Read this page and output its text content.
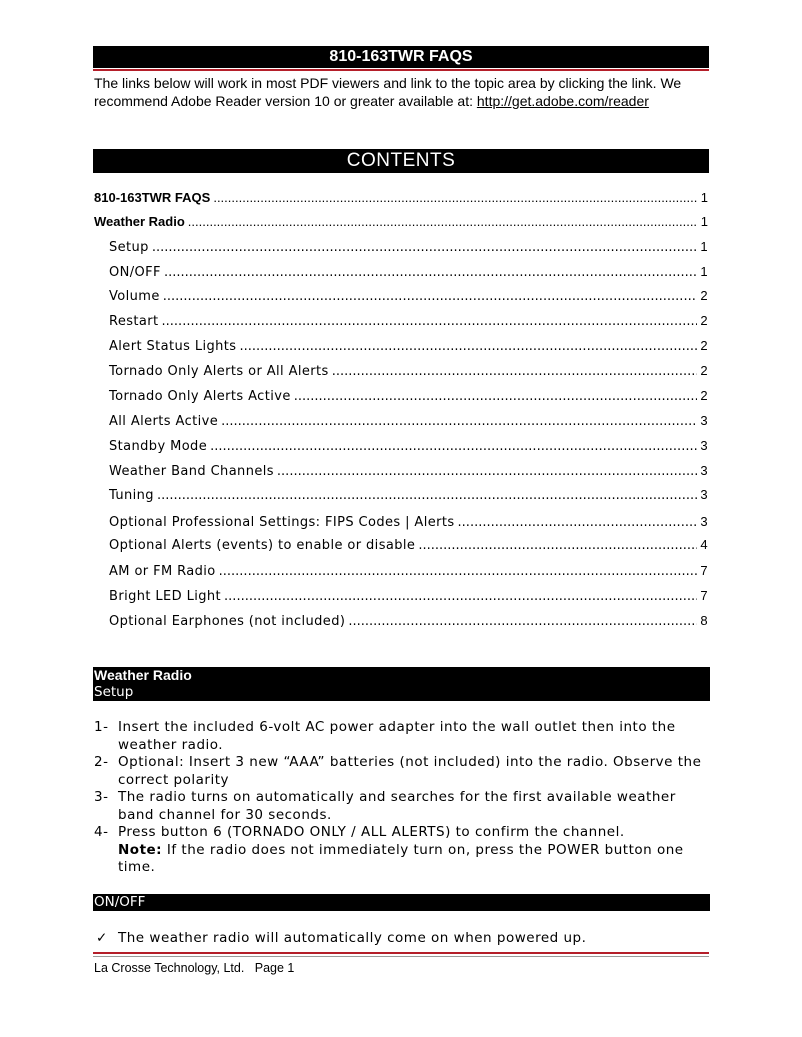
810-163TWR FAQS
The links below will work in most PDF viewers and link to the topic area by clicking the link. We recommend Adobe Reader version 10 or greater available at: http://get.adobe.com/reader
CONTENTS
810-163TWR FAQS .....	1
Weather Radio .....	1
Setup .....	1
ON/OFF .....	1
Volume .....	2
Restart .....	2
Alert Status Lights .....	2
Tornado Only Alerts or All Alerts .....	2
Tornado Only Alerts Active .....	2
All Alerts Active .....	3
Standby Mode .....	3
Weather Band Channels .....	3
Tuning .....	3
Optional Professional Settings: FIPS Codes | Alerts .....	3
Optional Alerts (events) to enable or disable .....	4
AM or FM Radio .....	7
Bright LED Light .....	7
Optional Earphones (not included) .....	8
Weather Radio
Setup
1- Insert the included 6-volt AC power adapter into the wall outlet then into the weather radio.
2- Optional: Insert 3 new “AAA” batteries (not included) into the radio. Observe the correct polarity
3- The radio turns on automatically and searches for the first available weather band channel for 30 seconds.
4- Press button 6 (TORNADO ONLY / ALL ALERTS) to confirm the channel.
Note: If the radio does not immediately turn on, press the POWER button one time.
ON/OFF
✓ The weather radio will automatically come on when powered up.
La Crosse Technology, Ltd.   Page 1
